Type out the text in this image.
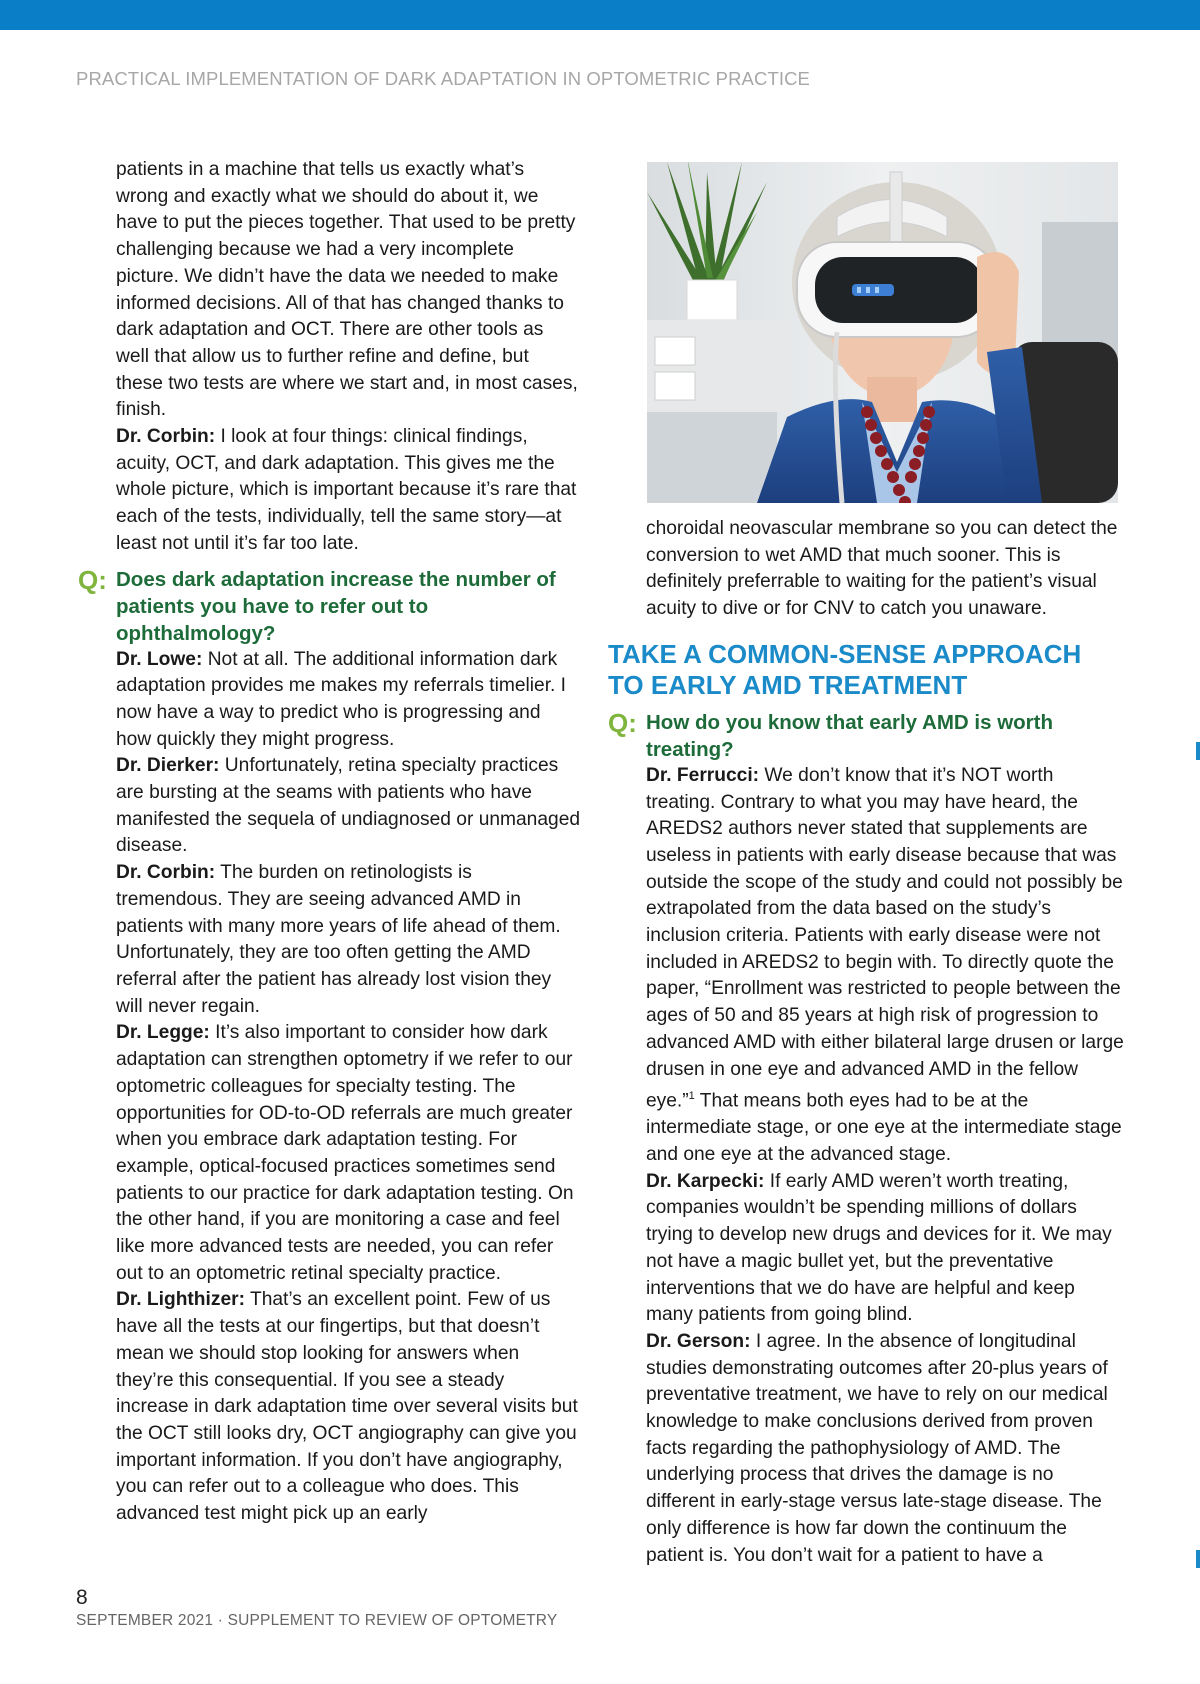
PRACTICAL IMPLEMENTATION OF DARK ADAPTATION IN OPTOMETRIC PRACTICE

patients in a machine that tells us exactly what’s wrong and exactly what we should do about it, we have to put the pieces together. That used to be pretty challenging because we had a very incomplete picture. We didn’t have the data we needed to make informed decisions. All of that has changed thanks to dark adaptation and OCT. There are other tools as well that allow us to further refine and define, but these two tests are where we start and, in most cases, finish.

Dr. Corbin: I look at four things: clinical findings, acuity, OCT, and dark adaptation. This gives me the whole picture, which is important because it’s rare that each of the tests, individually, tell the same story—at least not until it’s far too late.

Q: Does dark adaptation increase the number of patients you have to refer out to ophthalmology?

Dr. Lowe: Not at all. The additional information dark adaptation provides me makes my referrals timelier. I now have a way to predict who is progressing and how quickly they might progress.

Dr. Dierker: Unfortunately, retina specialty practices are bursting at the seams with patients who have manifested the sequela of undiagnosed or unmanaged disease.

Dr. Corbin: The burden on retinologists is tremendous. They are seeing advanced AMD in patients with many more years of life ahead of them. Unfortunately, they are too often getting the AMD referral after the patient has already lost vision they will never regain.

Dr. Legge: It’s also important to consider how dark adaptation can strengthen optometry if we refer to our optometric colleagues for specialty testing. The opportunities for OD-to-OD referrals are much greater when you embrace dark adaptation testing. For example, optical-focused practices sometimes send patients to our practice for dark adaptation testing. On the other hand, if you are monitoring a case and feel like more advanced tests are needed, you can refer out to an optometric retinal specialty practice.

Dr. Lighthizer: That’s an excellent point. Few of us have all the tests at our fingertips, but that doesn’t mean we should stop looking for answers when they’re this consequential. If you see a steady increase in dark adaptation time over several visits but the OCT still looks dry, OCT angiography can give you important information. If you don’t have angiography, you can refer out to a colleague who does. This advanced test might pick up an early

choroidal neovascular membrane so you can detect the conversion to wet AMD that much sooner. This is definitely preferrable to waiting for the patient’s visual acuity to dive or for CNV to catch you unaware.

TAKE A COMMON-SENSE APPROACH
TO EARLY AMD TREATMENT
Q: How do you know that early AMD is worth treating?

Dr. Ferrucci: We don’t know that it’s NOT worth treating. Contrary to what you may have heard, the AREDS2 authors never stated that supplements are useless in patients with early disease because that was outside the scope of the study and could not possibly be extrapolated from the data based on the study’s inclusion criteria. Patients with early disease were not included in AREDS2 to begin with. To directly quote the paper, “Enrollment was restricted to people between the ages of 50 and 85 years at high risk of progression to advanced AMD with either bilateral large drusen or large drusen in one eye and advanced AMD in the fellow eye.”$^1$ That means both eyes had to be at the intermediate stage, or one eye at the intermediate stage and one eye at the advanced stage.

Dr. Karpecki: If early AMD weren’t worth treating, companies wouldn’t be spending millions of dollars trying to develop new drugs and devices for it. We may not have a magic bullet yet, but the preventative interventions that we do have are helpful and keep many patients from going blind.

Dr. Gerson: I agree. In the absence of longitudinal studies demonstrating outcomes after 20-plus years of preventative treatment, we have to rely on our medical knowledge to make conclusions derived from proven facts regarding the pathophysiology of AMD. The underlying process that drives the damage is no different in early-stage versus late-stage disease. The only difference is how far down the continuum the patient is. You don’t wait for a patient to have a

8
SEPTEMBER 2021 · SUPPLEMENT TO REVIEW OF OPTOMETRY
